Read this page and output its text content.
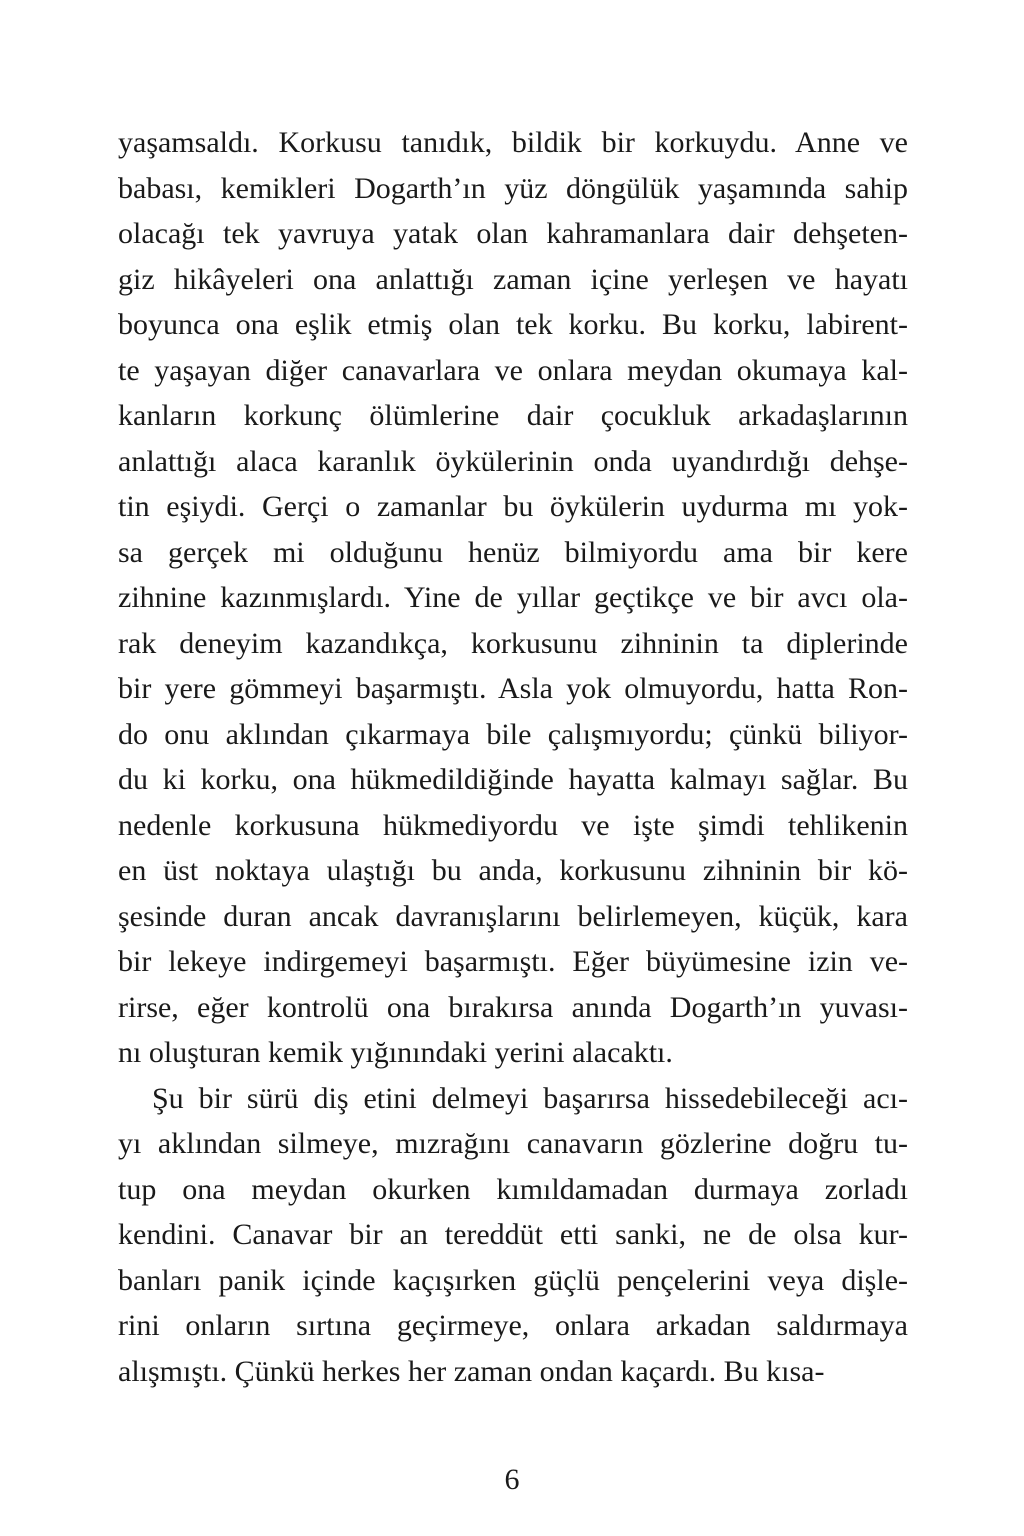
yaşamsaldı. Korkusu tanıdık, bildik bir korkuydu. Anne ve
babası, kemikleri Dogarth’ın yüz döngülük yaşamında sahip
olacağı tek yavruya yatak olan kahramanlara dair dehşeten-
giz hikâyeleri ona anlattığı zaman içine yerleşen ve hayatı
boyunca ona eşlik etmiş olan tek korku. Bu korku, labirent-
te yaşayan diğer canavarlara ve onlara meydan okumaya kal-
kanların korkunç ölümlerine dair çocukluk arkadaşlarının
anlattığı alaca karanlık öykülerinin onda uyandırdığı dehşe-
tin eşiydi. Gerçi o zamanlar bu öykülerin uydurma mı yok-
sa gerçek mi olduğunu henüz bilmiyordu ama bir kere
zihnine kazınmışlardı. Yine de yıllar geçtikçe ve bir avcı ola-
rak deneyim kazandıkça, korkusunu zihninin ta diplerinde
bir yere gömmeyi başarmıştı. Asla yok olmuyordu, hatta Ron-
do onu aklından çıkarmaya bile çalışmıyordu; çünkü biliyor-
du ki korku, ona hükmedildiğinde hayatta kalmayı sağlar. Bu
nedenle korkusuna hükmediyordu ve işte şimdi tehlikenin
en üst noktaya ulaştığı bu anda, korkusunu zihninin bir kö-
şesinde duran ancak davranışlarını belirlemeyen, küçük, kara
bir lekeye indirgemeyi başarmıştı. Eğer büyümesine izin ve-
rirse, eğer kontrolü ona bırakırsa anında Dogarth’ın yuvası-
nı oluşturan kemik yığınındaki yerini alacaktı.
Şu bir sürü diş etini delmeyi başarırsa hissedebileceği acı-
yı aklından silmeye, mızrağını canavarın gözlerine doğru tu-
tup ona meydan okurken kımıldamadan durmaya zorladı
kendini. Canavar bir an tereddüt etti sanki, ne de olsa kur-
banları panik içinde kaçışırken güçlü pençelerini veya dişle-
rini onların sırtına geçirmeye, onlara arkadan saldırmaya
alışmıştı. Çünkü herkes her zaman ondan kaçardı. Bu kısa-
6
